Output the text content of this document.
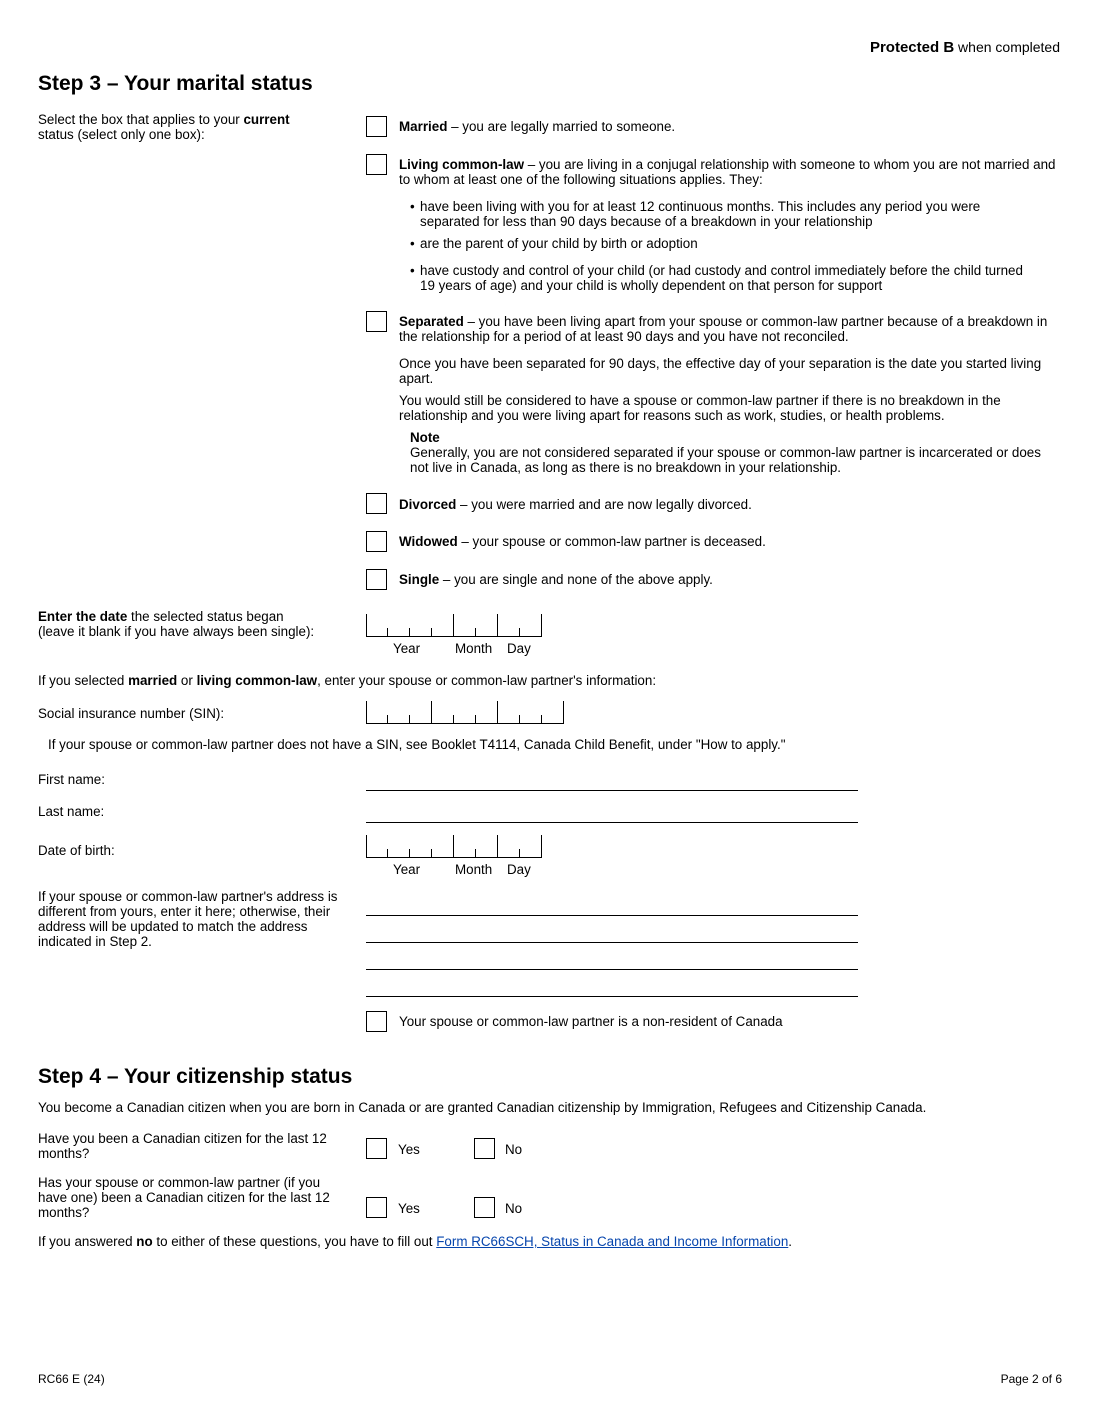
Protected B when completed
Step 3 – Your marital status
Select the box that applies to your current
status (select only one box):
Married – you are legally married to someone.
Living common-law – you are living in a conjugal relationship with someone to whom you are not married and to whom at least one of the following situations applies. They:
• have been living with you for at least 12 continuous months. This includes any period you were separated for less than 90 days because of a breakdown in your relationship
• are the parent of your child by birth or adoption
• have custody and control of your child (or had custody and control immediately before the child turned 19 years of age) and your child is wholly dependent on that person for support
Separated – you have been living apart from your spouse or common-law partner because of a breakdown in the relationship for a period of at least 90 days and you have not reconciled.
Once you have been separated for 90 days, the effective day of your separation is the date you started living apart.
You would still be considered to have a spouse or common-law partner if there is no breakdown in the relationship and you were living apart for reasons such as work, studies, or health problems.
Note
Generally, you are not considered separated if your spouse or common-law partner is incarcerated or does not live in Canada, as long as there is no breakdown in your relationship.
Divorced – you were married and are now legally divorced.
Widowed – your spouse or common-law partner is deceased.
Single – you are single and none of the above apply.
Enter the date the selected status began
(leave it blank if you have always been single):
Year	Month Day
If you selected married or living common-law, enter your spouse or common-law partner's information:
Social insurance number (SIN):
If your spouse or common-law partner does not have a SIN, see Booklet T4114, Canada Child Benefit, under "How to apply."
First name:
Last name:
Date of birth:
Year	Month Day
If your spouse or common-law partner's address is different from yours, enter it here; otherwise, their address will be updated to match the address indicated in Step 2.
Your spouse or common-law partner is a non-resident of Canada
Step 4 – Your citizenship status
You become a Canadian citizen when you are born in Canada or are granted Canadian citizenship by Immigration, Refugees and Citizenship Canada.
Have you been a Canadian citizen for the last 12 months?	Yes	No
Has your spouse or common-law partner (if you have one) been a Canadian citizen for the last 12 months?	Yes	No
If you answered no to either of these questions, you have to fill out Form RC66SCH, Status in Canada and Income Information.
RC66 E (24)	Page 2 of 6
